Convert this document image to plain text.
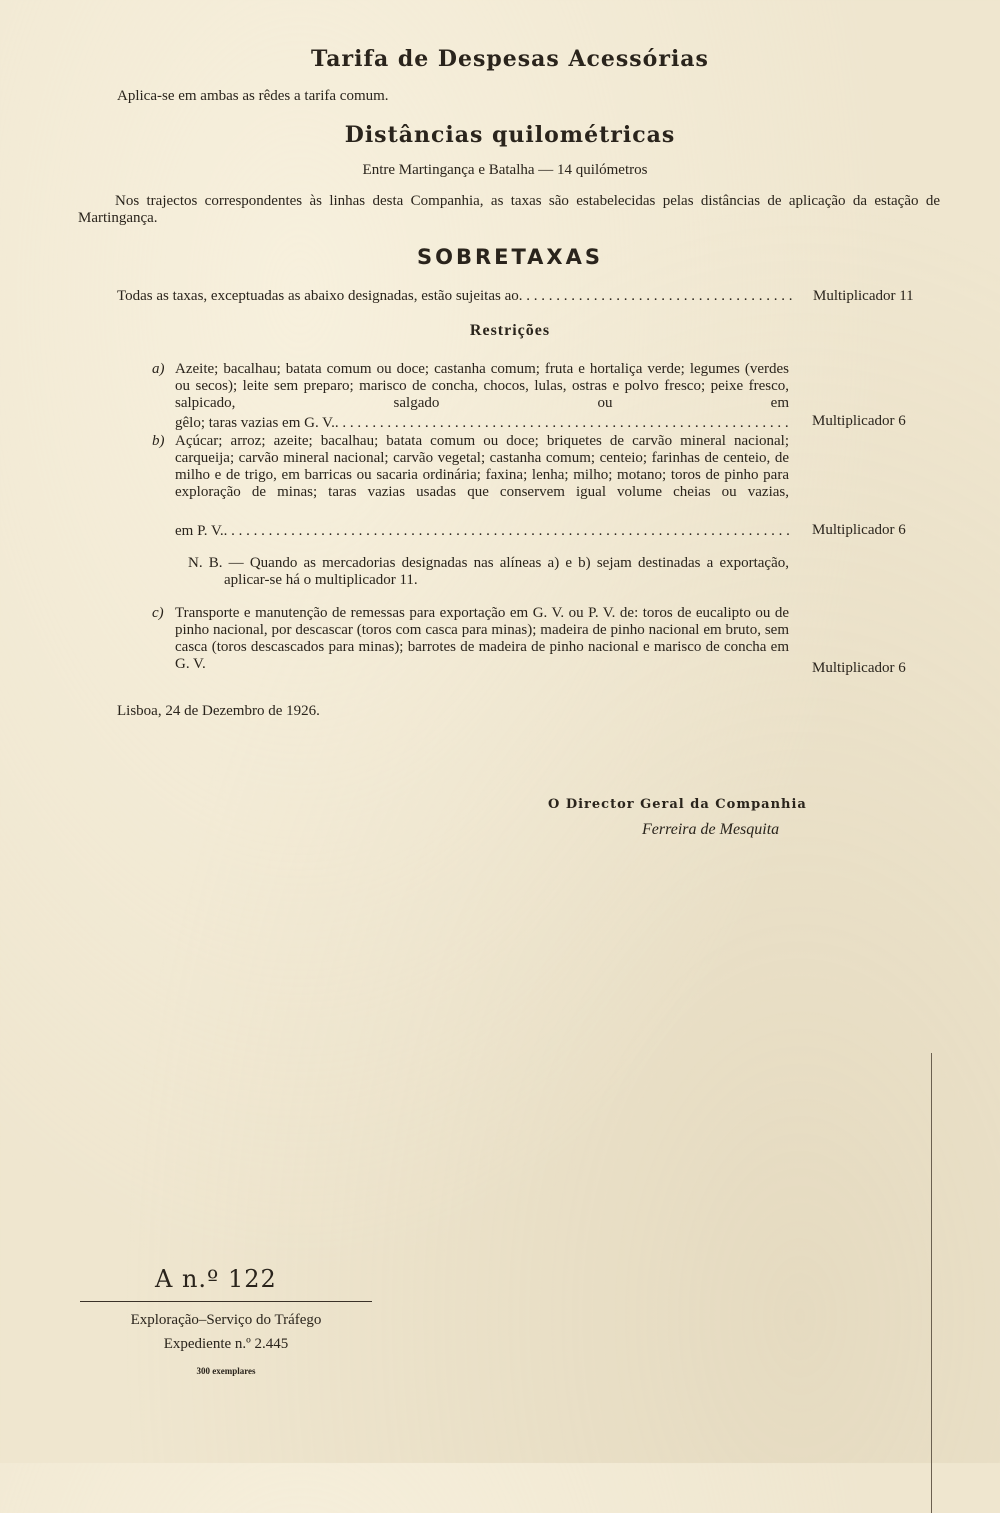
Tarifa de Despesas Acessórias
Aplica-se em ambas as rêdes a tarifa comum.
Distâncias quilométricas
Entre Martingança e Batalha — 14 quilómetros
Nos trajectos correspondentes às linhas desta Companhia, as taxas são estabelecidas pelas distâncias de aplicação da estação de Martingança.
SOBRETAXAS
Todas as taxas, exceptuadas as abaixo designadas, estão sujeitas ao . . .	Multiplicador 11
Restrições
a) Azeite; bacalhau; batata comum ou doce; castanha comum; fruta e hortaliça verde; legumes (verdes ou secos); leite sem preparo; marisco de concha, chocos, lulas, ostras e polvo fresco; peixe fresco, salpicado, salgado ou em
gêlo; taras vazias em G. V. . . .	Multiplicador 6
b) Açúcar; arroz; azeite; bacalhau; batata comum ou doce; briquetes de carvão mineral nacional; carqueija; carvão mineral nacional; carvão vegetal; castanha comum; centeio; farinhas de centeio, de milho e de trigo, em barricas ou sacaria ordinária; faxina; lenha; milho; motano; toros de pinho para exploração de minas; taras vazias usadas que conservem igual volume cheias ou vazias,
em P. V. . . .	Multiplicador 6
N. B. — Quando as mercadorias designadas nas alíneas a) e b) sejam destinadas a exportação, aplicar-se há o multiplicador 11.
c) Transporte e manutenção de remessas para exportação em G. V. ou P. V. de: toros de eucalipto ou de pinho nacional, por descascar (toros com casca para minas); madeira de pinho nacional em bruto, sem casca (toros descascados para minas); barrotes de madeira de pinho nacional e marisco de concha em G. V.	Multiplicador 6
Lisboa, 24 de Dezembro de 1926.
O Director Geral da Companhia
Ferreira de Mesquita
A n.º 122
Exploração–Serviço do Tráfego
Expediente n.º 2.445
300 exemplares
